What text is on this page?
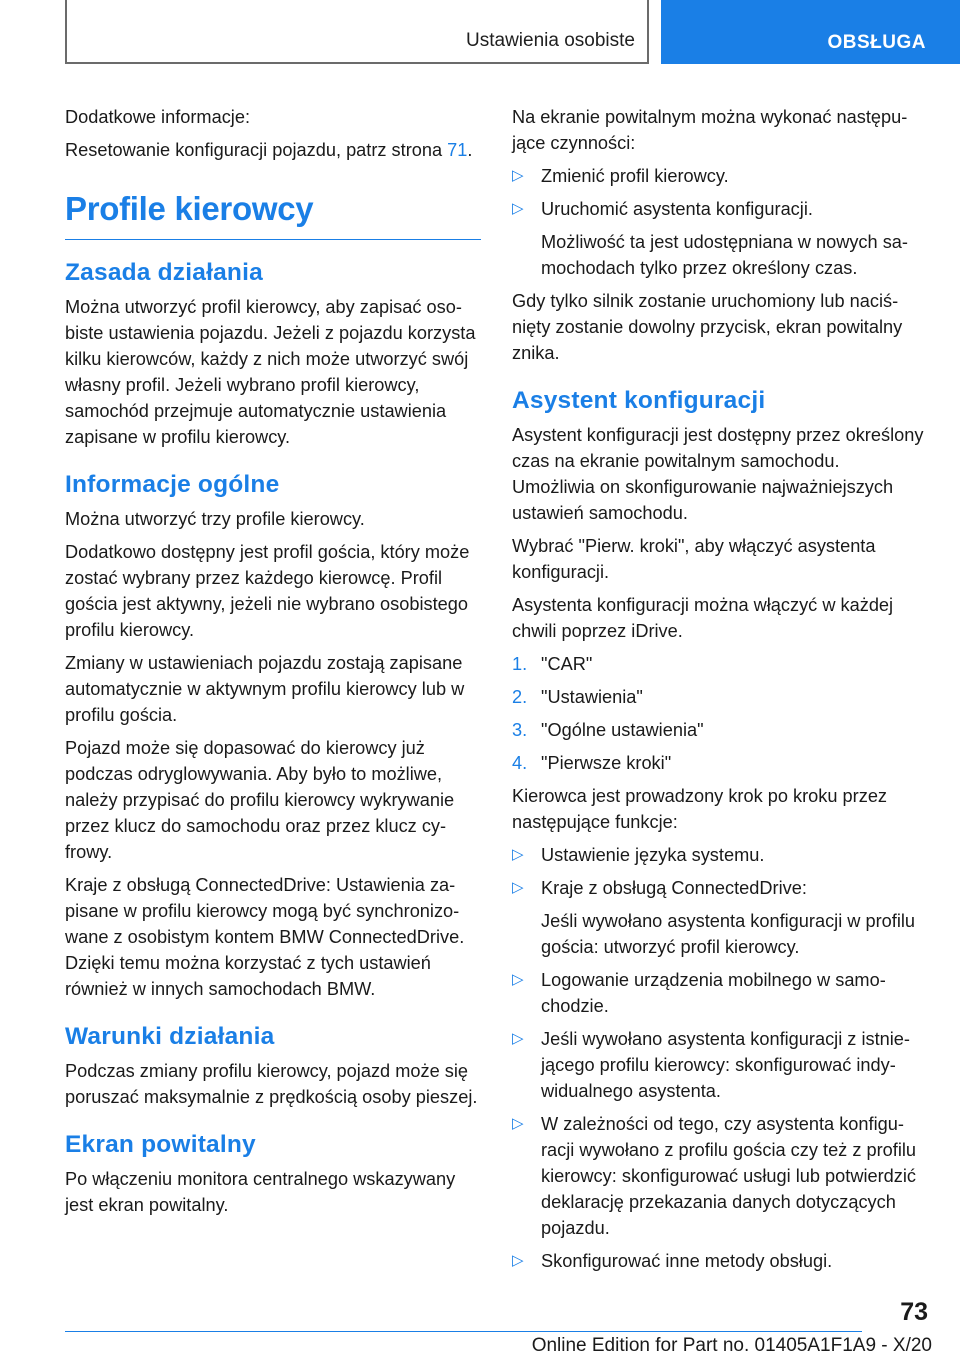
Ustawienia osobiste	OBSŁUGA

Dodatkowe informacje:

Resetowanie konfiguracji pojazdu, patrz strona 71.

Profile kierowcy
Zasada działania

Można utworzyć profil kierowcy, aby zapisać osobiste ustawienia pojazdu. Jeżeli z pojazdu korzysta kilku kierowców, każdy z nich może utworzyć swój własny profil. Jeżeli wybrano profil kierowcy, samochód przejmuje automatycznie ustawienia zapisane w profilu kierowcy.

Informacje ogólne

Można utworzyć trzy profile kierowcy.

Dodatkowo dostępny jest profil gościa, który może zostać wybrany przez każdego kierowcę. Profil gościa jest aktywny, jeżeli nie wybrano osobistego profilu kierowcy.

Zmiany w ustawieniach pojazdu zostają zapisane automatycznie w aktywnym profilu kierowcy lub w profilu gościa.

Pojazd może się dopasować do kierowcy już podczas odryglowywania. Aby było to możliwe, należy przypisać do profilu kierowcy wykrywanie przez klucz do samochodu oraz przez klucz cyfrowy.

Kraje z obsługą ConnectedDrive: Ustawienia zapisane w profilu kierowcy mogą być synchronizowane z osobistym kontem BMW ConnectedDrive. Dzięki temu można korzystać z tych ustawień również w innych samochodach BMW.

Warunki działania

Podczas zmiany profilu kierowcy, pojazd może się poruszać maksymalnie z prędkością osoby pieszej.

Ekran powitalny

Po włączeniu monitora centralnego wskazywany jest ekran powitalny.

Na ekranie powitalnym można wykonać następujące czynności:

▷ Zmienić profil kierowcy.
▷ Uruchomić asystenta konfiguracji.
Możliwość ta jest udostępniana w nowych samochodach tylko przez określony czas.

Gdy tylko silnik zostanie uruchomiony lub naciśnięty zostanie dowolny przycisk, ekran powitalny znika.

Asystent konfiguracji

Asystent konfiguracji jest dostępny przez określony czas na ekranie powitalnym samochodu. Umożliwia on skonfigurowanie najważniejszych ustawień samochodu.

Wybrać "Pierw. kroki", aby włączyć asystenta konfiguracji.

Asystenta konfiguracji można włączyć w każdej chwili poprzez iDrive.

1. "CAR"
2. "Ustawienia"
3. "Ogólne ustawienia"
4. "Pierwsze kroki"

Kierowca jest prowadzony krok po kroku przez następujące funkcje:

▷ Ustawienie języka systemu.
▷ Kraje z obsługą ConnectedDrive:
Jeśli wywołano asystenta konfiguracji w profilu gościa: utworzyć profil kierowcy.
▷ Logowanie urządzenia mobilnego w samochodzie.
▷ Jeśli wywołano asystenta konfiguracji z istniejącego profilu kierowcy: skonfigurować indywidualnego asystenta.
▷ W zależności od tego, czy asystenta konfiguracji wywołano z profilu gościa czy też z profilu kierowcy: skonfigurować usługi lub potwierdzić deklarację przekazania danych dotyczących pojazdu.
▷ Skonfigurować inne metody obsługi.
73
Online Edition for Part no. 01405A1F1A9 - X/20
